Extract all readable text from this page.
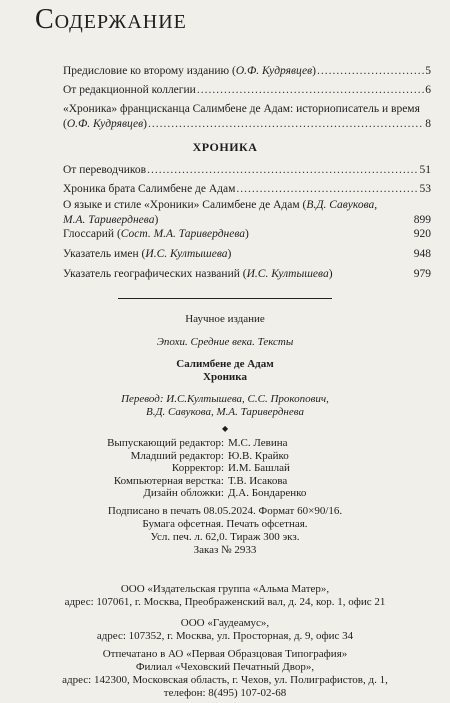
Содержание
Предисловие ко второму изданию (О.Ф. Кудрявцев) .....	5
От редакционной коллегии .....	6
«Хроника» францисканца Салимбене де Адам: историописатель и время
(О.Ф. Кудрявцев) .....	8
ХРОНИКА
От переводчиков .....	51
Хроника брата Салимбене де Адам .....	53
О языке и стиле «Хроники» Салимбене де Адам (В.Д. Савукова,
М.А. Тариверднева)	899
Глоссарий (Сост. М.А. Тариверднева)	920
Указатель имен (И.С. Култышева)	948
Указатель географических названий (И.С. Култышева)	979
Научное издание
Эпохи. Средние века. Тексты
Салимбене де Адам
Хроника
Перевод: И.С.Култышева, С.С. Прокопович,
В.Д. Савукова, М.А. Тариверднева
◆
Выпускающий редактор: М.С. Левина
Младший редактор: Ю.В. Крайко
Корректор: И.М. Башлай
Компьютерная верстка: Т.В. Исакова
Дизайн обложки: Д.А. Бондаренко
Подписано в печать 08.05.2024. Формат 60×90/16.
Бумага офсетная. Печать офсетная.
Усл. печ. л. 62,0. Тираж 300 экз.
Заказ № 2933
ООО «Издательская группа «Альма Матер»,
адрес: 107061, г. Москва, Преображенский вал, д. 24, кор. 1, офис 21
ООО «Гаудеамус»,
адрес: 107352, г. Москва, ул. Просторная, д. 9, офис 34
Отпечатано в АО «Первая Образцовая Типография»
Филиал «Чеховский Печатный Двор»,
адрес: 142300, Московская область, г. Чехов, ул. Полиграфистов, д. 1,
телефон: 8(495) 107-02-68
